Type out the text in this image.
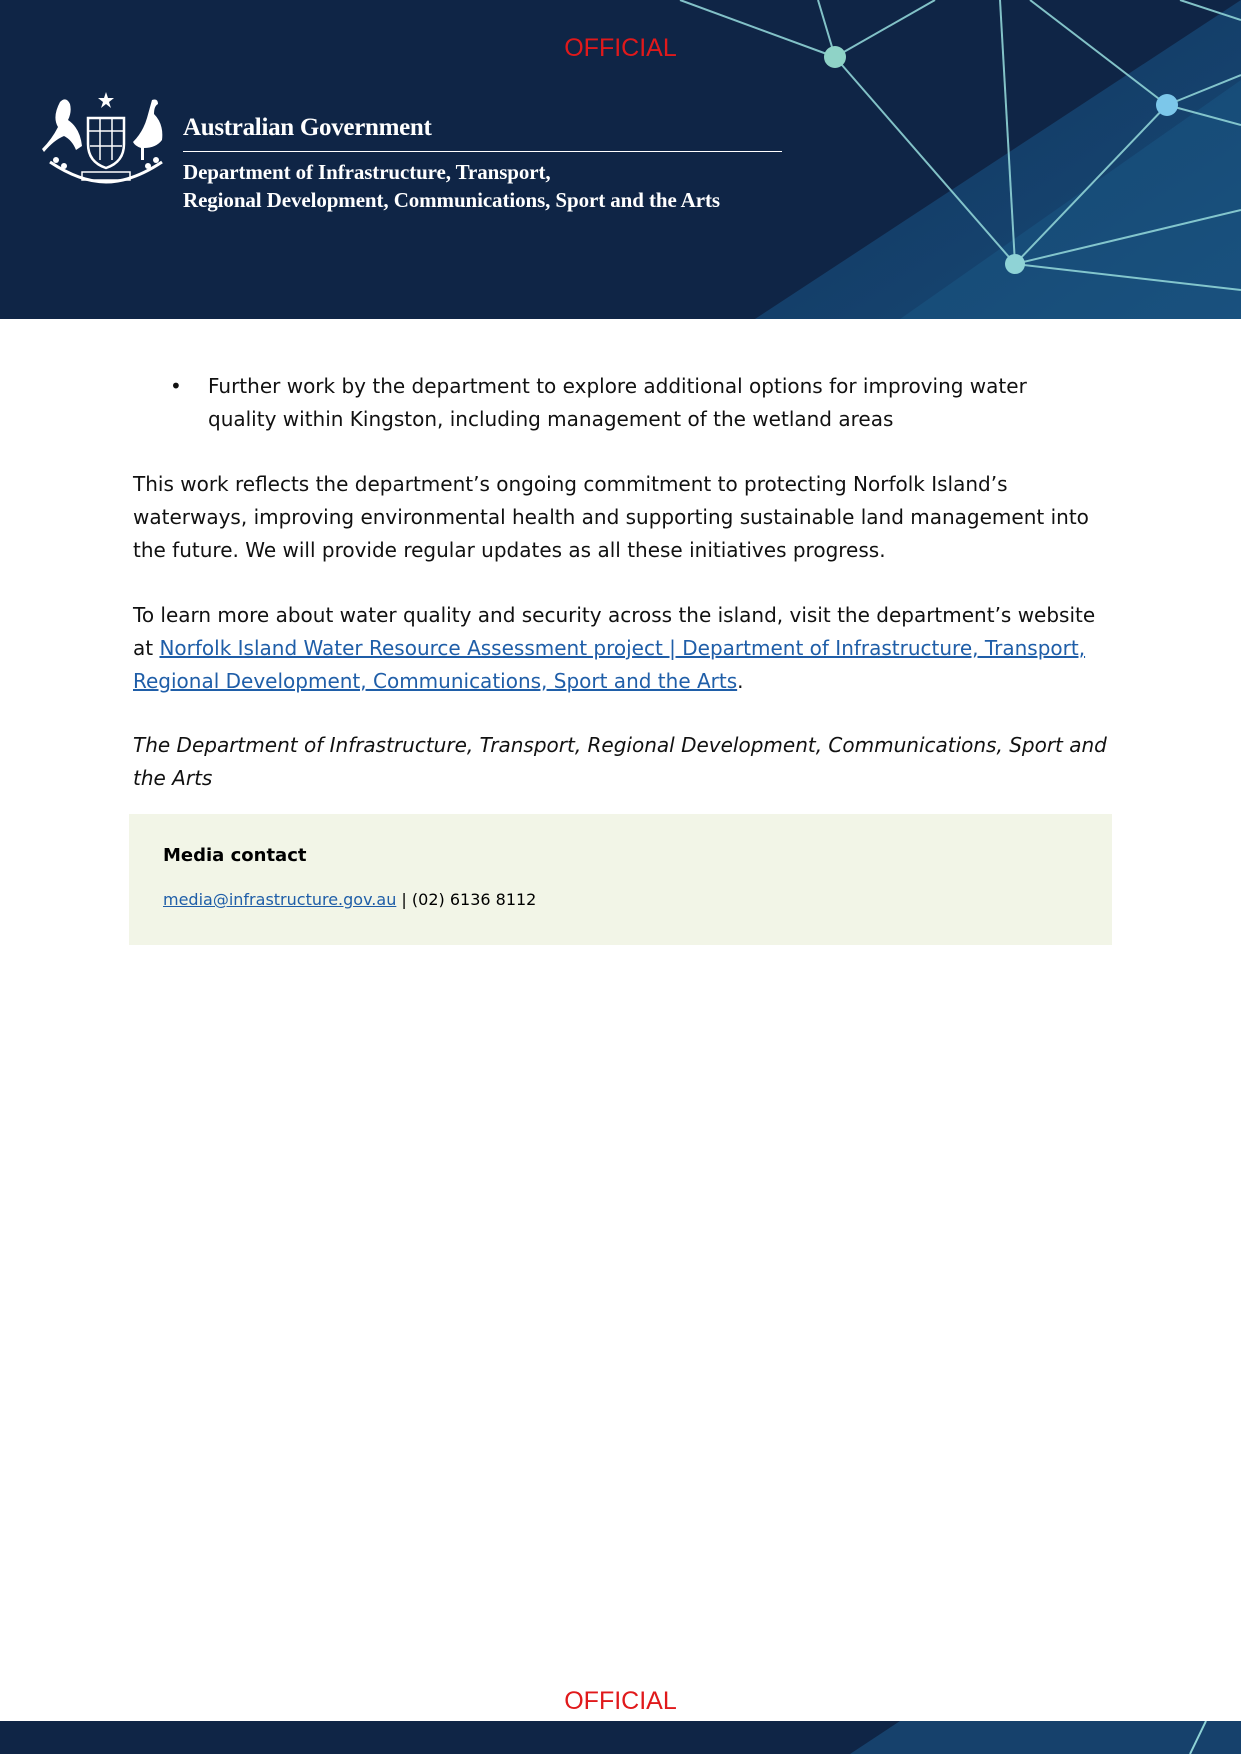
OFFICIAL
Australian Government
Department of Infrastructure, Transport,
Regional Development, Communications, Sport and the Arts
•	Further work by the department to explore additional options for improving water quality within Kingston, including management of the wetland areas
This work reflects the department’s ongoing commitment to protecting Norfolk Island’s waterways, improving environmental health and supporting sustainable land management into the future. We will provide regular updates as all these initiatives progress.
To learn more about water quality and security across the island, visit the department’s website at Norfolk Island Water Resource Assessment project | Department of Infrastructure, Transport, Regional Development, Communications, Sport and the Arts.
The Department of Infrastructure, Transport, Regional Development, Communications, Sport and the Arts
Media contact
media@infrastructure.gov.au | (02) 6136 8112
OFFICIAL
